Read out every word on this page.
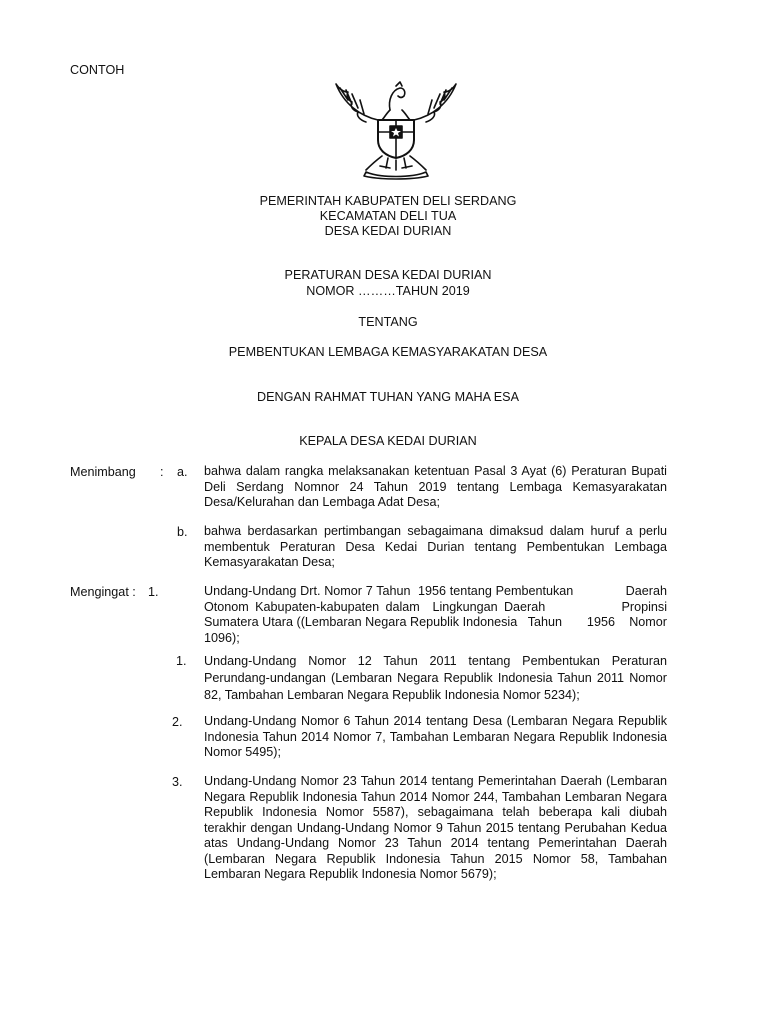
CONTOH
PEMERINTAH KABUPATEN DELI SERDANG
KECAMATAN DELI TUA
DESA KEDAI DURIAN
PERATURAN DESA KEDAI DURIAN
NOMOR ………TAHUN 2019
TENTANG
PEMBENTUKAN LEMBAGA KEMASYARAKATAN DESA
DENGAN RAHMAT TUHAN YANG MAHA ESA
KEPALA DESA KEDAI DURIAN
Menimbang : a. bahwa dalam rangka melaksanakan ketentuan Pasal 3 Ayat (6) Peraturan Bupati Deli Serdang Nomnor 24 Tahun 2019 tentang Lembaga Kemasyarakatan Desa/Kelurahan dan Lembaga Adat Desa;
b. bahwa berdasarkan pertimbangan sebagaimana dimaksud dalam huruf a perlu membentuk Peraturan Desa Kedai Durian tentang Pembentukan Lembaga Kemasyarakatan Desa;
Mengingat : 1.	Undang-Undang Drt. Nomor 7 Tahun  1956 tentang Pembentukan              Daerah Otonom Kabupaten-kabupaten dalam  Lingkungan Daerah            Propinsi Sumatera Utara ((Lembaran Negara Republik Indonesia   Tahun       1956    Nomor 1096);
1. Undang-Undang Nomor 12 Tahun 2011 tentang Pembentukan Peraturan Perundang-undangan (Lembaran Negara Republik Indonesia Tahun 2011 Nomor 82, Tambahan Lembaran Negara Republik Indonesia Nomor 5234);
2. Undang-Undang Nomor 6 Tahun 2014 tentang Desa (Lembaran Negara Republik Indonesia Tahun 2014 Nomor 7, Tambahan Lembaran Negara Republik Indonesia Nomor 5495);
3. Undang-Undang Nomor 23 Tahun 2014 tentang Pemerintahan Daerah (Lembaran Negara Republik Indonesia Tahun 2014 Nomor 244, Tambahan Lembaran Negara Republik Indonesia Nomor 5587), sebagaimana telah beberapa kali diubah terakhir dengan Undang-Undang Nomor 9 Tahun 2015 tentang Perubahan Kedua atas Undang-Undang Nomor 23 Tahun 2014 tentang Pemerintahan Daerah (Lembaran Negara Republik Indonesia Tahun 2015 Nomor 58, Tambahan Lembaran Negara Republik Indonesia Nomor 5679);
